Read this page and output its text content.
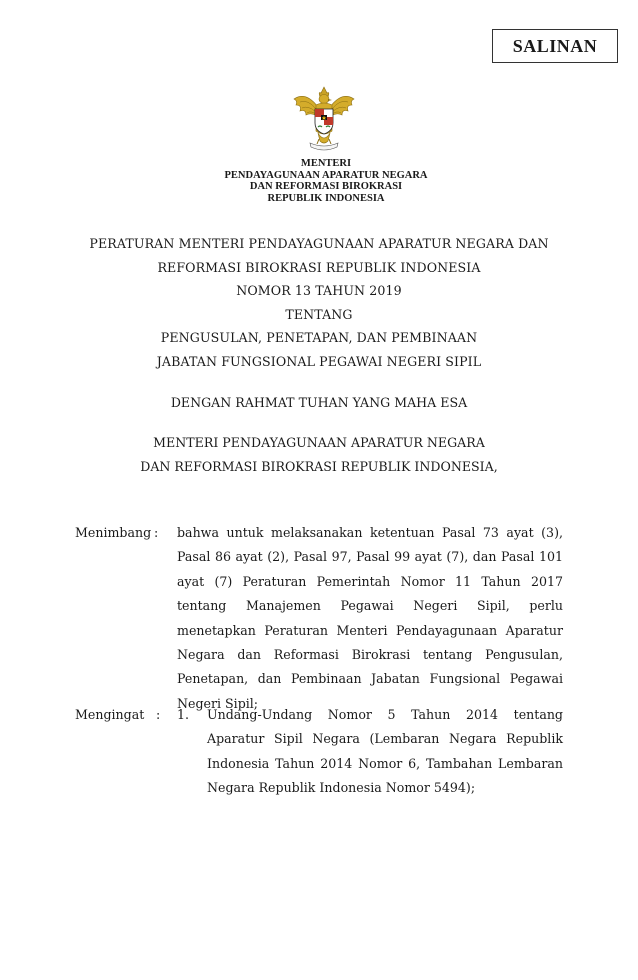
SALINAN
MENTERI
PENDAYAGUNAAN APARATUR NEGARA
DAN REFORMASI BIROKRASI
REPUBLIK INDONESIA
PERATURAN MENTERI PENDAYAGUNAAN APARATUR NEGARA DAN
REFORMASI BIROKRASI REPUBLIK INDONESIA
NOMOR 13 TAHUN 2019
TENTANG
PENGUSULAN, PENETAPAN, DAN PEMBINAAN
JABATAN FUNGSIONAL PEGAWAI NEGERI SIPIL
DENGAN RAHMAT TUHAN YANG MAHA ESA
MENTERI PENDAYAGUNAAN APARATUR NEGARA
DAN REFORMASI BIROKRASI REPUBLIK INDONESIA,
Menimbang : bahwa untuk melaksanakan ketentuan Pasal 73 ayat (3), Pasal 86 ayat (2), Pasal 97, Pasal 99 ayat (7), dan Pasal 101 ayat (7) Peraturan Pemerintah Nomor 11 Tahun 2017 tentang Manajemen Pegawai Negeri Sipil, perlu menetapkan Peraturan Menteri Pendayagunaan Aparatur Negara dan Reformasi Birokrasi tentang Pengusulan, Penetapan, dan Pembinaan Jabatan Fungsional Pegawai Negeri Sipil;
Mengingat : 1. Undang-Undang Nomor 5 Tahun 2014 tentang Aparatur Sipil Negara (Lembaran Negara Republik Indonesia Tahun 2014 Nomor 6, Tambahan Lembaran Negara Republik Indonesia Nomor 5494);
